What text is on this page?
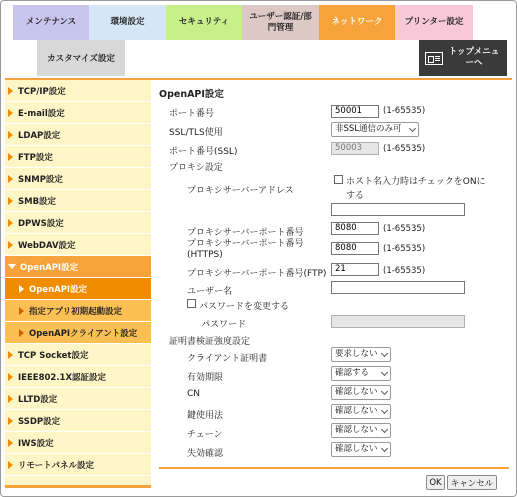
メンテナンス	環境設定	セキュリティ
ユーザー認証/部門管理
ネットワーク	プリンター設定
カスタマイズ設定
トップメニューへ
TCP/IP設定
E-mail設定
LDAP設定
FTP設定
SNMP設定
SMB設定
DPWS設定
WebDAV設定
OpenAPI設定
OpenAPI設定
指定アプリ初期起動設定
OpenAPIクライアント設定
TCP Socket設定
IEEE802.1X認証設定
LLTD設定
SSDP設定
IWS設定
リモートパネル設定
OpenAPI設定
ポート番号	50001	(1-65535)
SSL/TLS使用	非SSL通信のみ可
ポート番号(SSL)	50003	(1-65535)
プロキシ設定
プロキシサーバーアドレス
ホスト名入力時はチェックをONにする
プロキシサーバーポート番号	8080	(1-65535)
プロキシサーバーポート番号(HTTPS)
8080	(1-65535)
プロキシサーバーポート番号(FTP)	21	(1-65535)
ユーザー名
パスワードを変更する
パスワード
証明書検証強度設定
クライアント証明書	要求しない
有効期限	確認する
CN	確認しない
鍵使用法	確認しない
チェーン	確認しない
失効確認	確認しない
OK	キャンセル
